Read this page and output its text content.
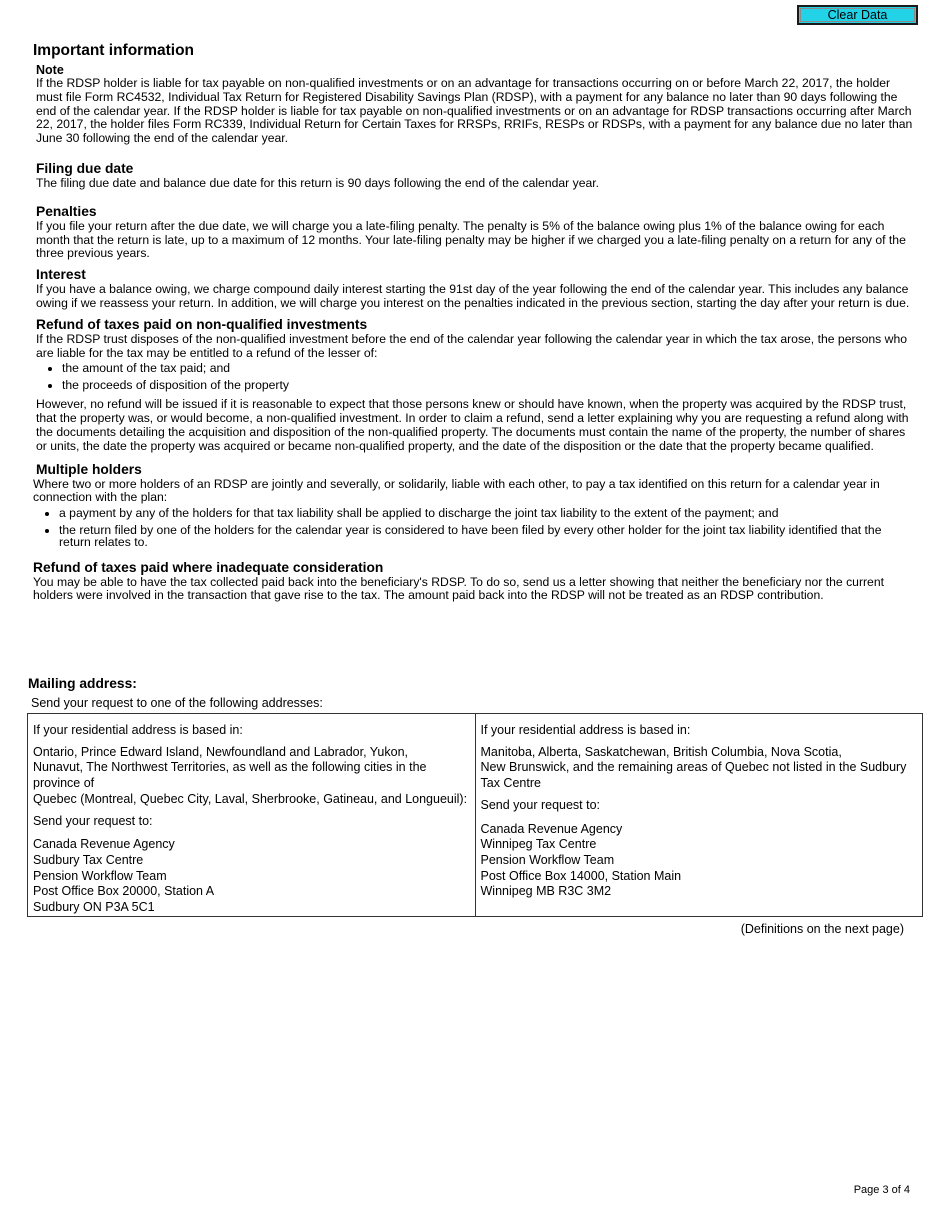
Clear Data
Important information
Note

If the RDSP holder is liable for tax payable on non-qualified investments or on an advantage for transactions occurring on or before March 22, 2017, the holder must file Form RC4532, Individual Tax Return for Registered Disability Savings Plan (RDSP), with a payment for any balance no later than 90 days following the end of the calendar year. If the RDSP holder is liable for tax payable on non-qualified investments or on an advantage for RDSP transactions occurring after March 22, 2017, the holder files Form RC339, Individual Return for Certain Taxes for RRSPs, RRIFs, RESPs or RDSPs, with a payment for any balance due no later than June 30 following the end of the calendar year.

Filing due date

The filing due date and balance due date for this return is 90 days following the end of the calendar year.

Penalties

If you file your return after the due date, we will charge you a late-filing penalty. The penalty is 5% of the balance owing plus 1% of the balance owing for each month that the return is late, up to a maximum of 12 months. Your late-filing penalty may be higher if we charged you a late-filing penalty on a return for any of the three previous years.

Interest

If you have a balance owing, we charge compound daily interest starting the 91st day of the year following the end of the calendar year. This includes any balance owing if we reassess your return. In addition, we will charge you interest on the penalties indicated in the previous section, starting the day after your return is due.

Refund of taxes paid on non-qualified investments

If the RDSP trust disposes of the non-qualified investment before the end of the calendar year following the calendar year in which the tax arose, the persons who are liable for the tax may be entitled to a refund of the lesser of:

• the amount of the tax paid; and
• the proceeds of disposition of the property

However, no refund will be issued if it is reasonable to expect that those persons knew or should have known, when the property was acquired by the RDSP trust, that the property was, or would become, a non-qualified investment. In order to claim a refund, send a letter explaining why you are requesting a refund along with the documents detailing the acquisition and disposition of the non-qualified property. The documents must contain the name of the property, the number of shares or units, the date the property was acquired or became non-qualified property, and the date of the disposition or the date that the property became qualified.

Multiple holders

Where two or more holders of an RDSP are jointly and severally, or solidarily, liable with each other, to pay a tax identified on this return for a calendar year in connection with the plan:

• a payment by any of the holders for that tax liability shall be applied to discharge the joint tax liability to the extent of the payment; and
• the return filed by one of the holders for the calendar year is considered to have been filed by every other holder for the joint tax liability identified that the return relates to.
Refund of taxes paid where inadequate consideration

You may be able to have the tax collected paid back into the beneficiary's RDSP. To do so, send us a letter showing that neither the beneficiary nor the current holders were involved in the transaction that gave rise to the tax. The amount paid back into the RDSP will not be treated as an RDSP contribution.

Mailing address:
Send your request to one of the following addresses:
If your residential address is based in:
Ontario, Prince Edward Island, Newfoundland and Labrador, Yukon,
Nunavut, The Northwest Territories, as well as the following cities in the province of
Quebec (Montreal, Quebec City, Laval, Sherbrooke, Gatineau, and Longueuil):
Send your request to:
Canada Revenue Agency
Sudbury Tax Centre
Pension Workflow Team
Post Office Box 20000, Station A
Sudbury ON P3A 5C1

If your residential address is based in:
Manitoba, Alberta, Saskatchewan, British Columbia, Nova Scotia,
New Brunswick, and the remaining areas of Quebec not listed in the Sudbury
Tax Centre
Send your request to:
Canada Revenue Agency
Winnipeg Tax Centre
Pension Workflow Team
Post Office Box 14000, Station Main
Winnipeg MB R3C 3M2
(Definitions on the next page)
Page 3 of 4
